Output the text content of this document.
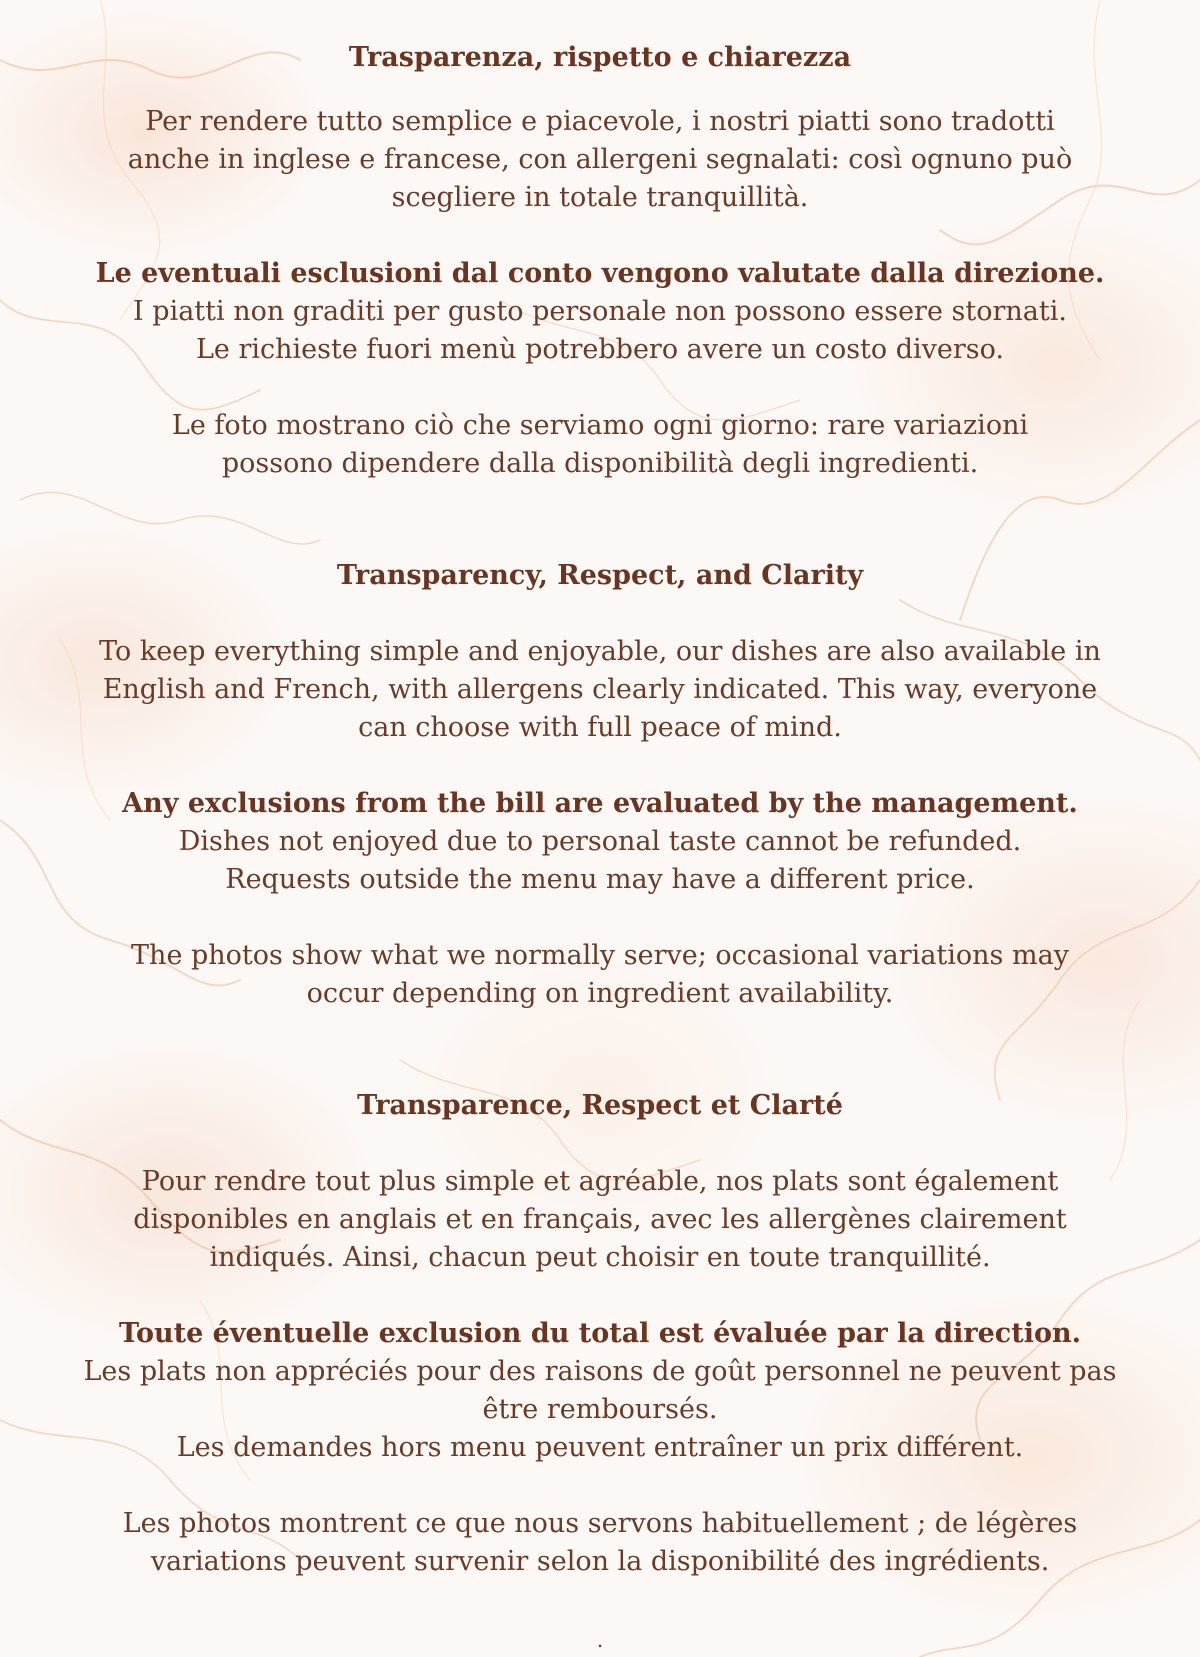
Trasparenza, rispetto e chiarezza

Per rendere tutto semplice e piacevole, i nostri piatti sono tradotti anche in inglese e francese, con allergeni segnalati: così ognuno può scegliere in totale tranquillità.

Le eventuali esclusioni dal conto vengono valutate dalla direzione.

I piatti non graditi per gusto personale non possono essere stornati.

Le richieste fuori menù potrebbero avere un costo diverso.

Le foto mostrano ciò che serviamo ogni giorno: rare variazioni possono dipendere dalla disponibilità degli ingredienti.

Transparency, Respect, and Clarity

To keep everything simple and enjoyable, our dishes are also available in English and French, with allergens clearly indicated. This way, everyone can choose with full peace of mind.

Any exclusions from the bill are evaluated by the management.

Dishes not enjoyed due to personal taste cannot be refunded.

Requests outside the menu may have a different price.

The photos show what we normally serve; occasional variations may occur depending on ingredient availability.

Transparence, Respect et Clarté

Pour rendre tout plus simple et agréable, nos plats sont également disponibles en anglais et en français, avec les allergènes clairement indiqués. Ainsi, chacun peut choisir en toute tranquillité.

Toute éventuelle exclusion du total est évaluée par la direction.

Les plats non appréciés pour des raisons de goût personnel ne peuvent pas être remboursés.

Les demandes hors menu peuvent entraîner un prix différent.

Les photos montrent ce que nous servons habituellement ; de légères variations peuvent survenir selon la disponibilité des ingrédients.

.
